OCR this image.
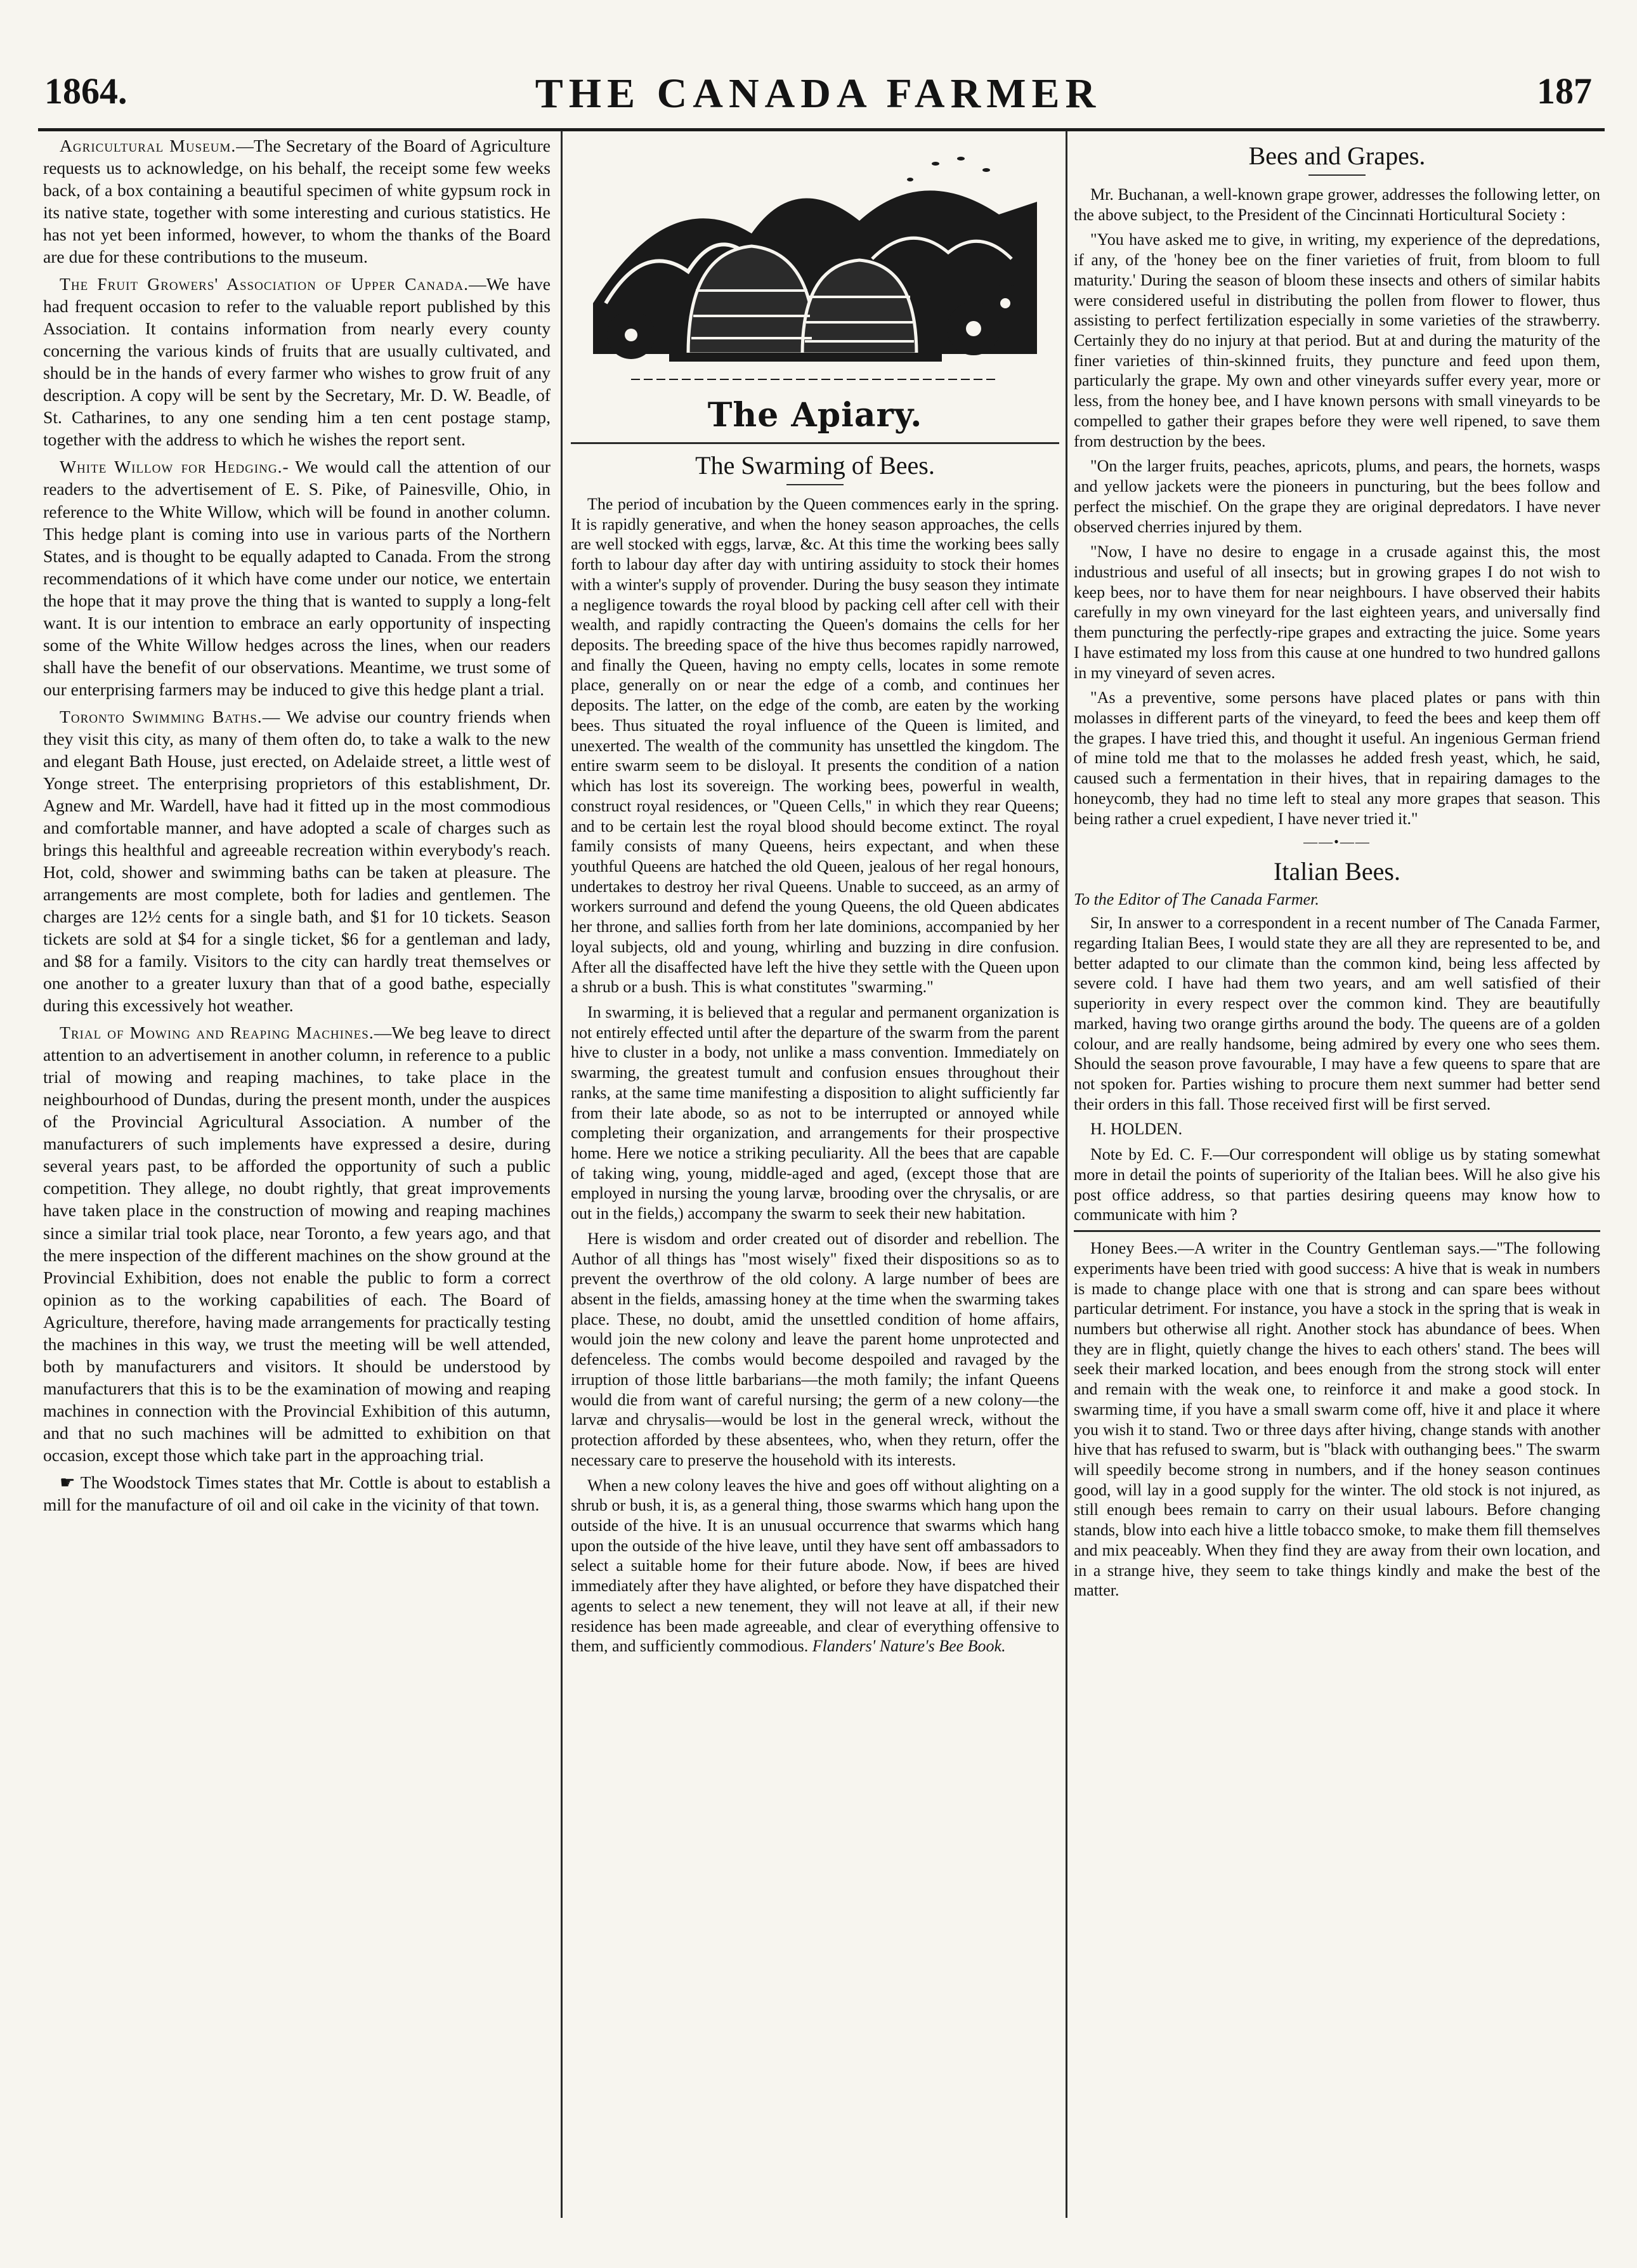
THE CANADA FARMER
1864.	187

Agricultural Museum.—The Secretary of the Board of Agriculture requests us to acknowledge, on his behalf, the receipt some few weeks back, of a box containing a beautiful specimen of white gypsum rock in its native state, together with some interesting and curious statistics. He has not yet been informed, however, to whom the thanks of the Board are due for these contributions to the museum.

The Fruit Growers' Association of Upper Canada.—We have had frequent occasion to refer to the valuable report published by this Association. It contains information from nearly every county concerning the various kinds of fruits that are usually cultivated, and should be in the hands of every farmer who wishes to grow fruit of any description. A copy will be sent by the Secretary, Mr. D. W. Beadle, of St. Catharines, to any one sending him a ten cent postage stamp, together with the address to which he wishes the report sent.

White Willow for Hedging.- We would call the attention of our readers to the advertisement of E. S. Pike, of Painesville, Ohio, in reference to the White Willow, which will be found in another column. This hedge plant is coming into use in various parts of the Northern States, and is thought to be equally adapted to Canada. From the strong recommendations of it which have come under our notice, we entertain the hope that it may prove the thing that is wanted to supply a long-felt want. It is our intention to embrace an early opportunity of inspecting some of the White Willow hedges across the lines, when our readers shall have the benefit of our observations. Meantime, we trust some of our enterprising farmers may be induced to give this hedge plant a trial.

Toronto Swimming Baths.— We advise our country friends when they visit this city, as many of them often do, to take a walk to the new and elegant Bath House, just erected, on Adelaide street, a little west of Yonge street. The enterprising proprietors of this establishment, Dr. Agnew and Mr. Wardell, have had it fitted up in the most commodious and comfortable manner, and have adopted a scale of charges such as brings this healthful and agreeable recreation within everybody's reach. Hot, cold, shower and swimming baths can be taken at pleasure. The arrangements are most complete, both for ladies and gentlemen. The charges are 12½ cents for a single bath, and $1 for 10 tickets. Season tickets are sold at $4 for a single ticket, $6 for a gentleman and lady, and $8 for a family. Visitors to the city can hardly treat themselves or one another to a greater luxury than that of a good bathe, especially during this excessively hot weather.

Trial of Mowing and Reaping Machines.—We beg leave to direct attention to an advertisement in another column, in reference to a public trial of mowing and reaping machines, to take place in the neighbourhood of Dundas, during the present month, under the auspices of the Provincial Agricultural Association. A number of the manufacturers of such implements have expressed a desire, during several years past, to be afforded the opportunity of such a public competition. They allege, no doubt rightly, that great improvements have taken place in the construction of mowing and reaping machines since a similar trial took place, near Toronto, a few years ago, and that the mere inspection of the different machines on the show ground at the Provincial Exhibition, does not enable the public to form a correct opinion as to the working capabilities of each. The Board of Agriculture, therefore, having made arrangements for practically testing the machines in this way, we trust the meeting will be well attended, both by manufacturers and visitors. It should be understood by manufacturers that this is to be the examination of mowing and reaping machines in connection with the Provincial Exhibition of this autumn, and that no such machines will be admitted to exhibition on that occasion, except those which take part in the approaching trial.

☛ The Woodstock Times states that Mr. Cottle is about to establish a mill for the manufacture of oil and oil cake in the vicinity of that town.

The Apiary.
The Swarming of Bees.

The period of incubation by the Queen commences early in the spring. It is rapidly generative, and when the honey season approaches, the cells are well stocked with eggs, larvæ, &c. At this time the working bees sally forth to labour day after day with untiring assiduity to stock their homes with a winter's supply of provender. During the busy season they intimate a negligence towards the royal blood by packing cell after cell with their wealth, and rapidly contracting the Queen's domains the cells for her deposits. The breeding space of the hive thus becomes rapidly narrowed, and finally the Queen, having no empty cells, locates in some remote place, generally on or near the edge of a comb, and continues her deposits. The latter, on the edge of the comb, are eaten by the working bees. Thus situated the royal influence of the Queen is limited, and unexerted. The wealth of the community has unsettled the kingdom. The entire swarm seem to be disloyal. It presents the condition of a nation which has lost its sovereign. The working bees, powerful in wealth, construct royal residences, or "Queen Cells," in which they rear Queens; and to be certain lest the royal blood should become extinct. The royal family consists of many Queens, heirs expectant, and when these youthful Queens are hatched the old Queen, jealous of her regal honours, undertakes to destroy her rival Queens. Unable to succeed, as an army of workers surround and defend the young Queens, the old Queen abdicates her throne, and sallies forth from her late dominions, accompanied by her loyal subjects, old and young, whirling and buzzing in dire confusion. After all the disaffected have left the hive they settle with the Queen upon a shrub or a bush. This is what constitutes "swarming."

In swarming, it is believed that a regular and permanent organization is not entirely effected until after the departure of the swarm from the parent hive to cluster in a body, not unlike a mass convention. Immediately on swarming, the greatest tumult and confusion ensues throughout their ranks, at the same time manifesting a disposition to alight sufficiently far from their late abode, so as not to be interrupted or annoyed while completing their organization, and arrangements for their prospective home. Here we notice a striking peculiarity. All the bees that are capable of taking wing, young, middle-aged and aged, (except those that are employed in nursing the young larvæ, brooding over the chrysalis, or are out in the fields,) accompany the swarm to seek their new habitation.

Here is wisdom and order created out of disorder and rebellion. The Author of all things has "most wisely" fixed their dispositions so as to prevent the overthrow of the old colony. A large number of bees are absent in the fields, amassing honey at the time when the swarming takes place. These, no doubt, amid the unsettled condition of home affairs, would join the new colony and leave the parent home unprotected and defenceless. The combs would become despoiled and ravaged by the irruption of those little barbarians—the moth family; the infant Queens would die from want of careful nursing; the germ of a new colony—the larvæ and chrysalis—would be lost in the general wreck, without the protection afforded by these absentees, who, when they return, offer the necessary care to preserve the household with its interests.

When a new colony leaves the hive and goes off without alighting on a shrub or bush, it is, as a general thing, those swarms which hang upon the outside of the hive. It is an unusual occurrence that swarms which hang upon the outside of the hive leave, until they have sent off ambassadors to select a suitable home for their future abode. Now, if bees are hived immediately after they have alighted, or before they have dispatched their agents to select a new tenement, they will not leave at all, if their new residence has been made agreeable, and clear of everything offensive to them, and sufficiently commodious. Flanders' Nature's Bee Book.

Bees and Grapes.

Mr. Buchanan, a well-known grape grower, addresses the following letter, on the above subject, to the President of the Cincinnati Horticultural Society :

"You have asked me to give, in writing, my experience of the depredations, if any, of the 'honey bee on the finer varieties of fruit, from bloom to full maturity.' During the season of bloom these insects and others of similar habits were considered useful in distributing the pollen from flower to flower, thus assisting to perfect fertilization especially in some varieties of the strawberry. Certainly they do no injury at that period. But at and during the maturity of the finer varieties of thin-skinned fruits, they puncture and feed upon them, particularly the grape. My own and other vineyards suffer every year, more or less, from the honey bee, and I have known persons with small vineyards to be compelled to gather their grapes before they were well ripened, to save them from destruction by the bees.

"On the larger fruits, peaches, apricots, plums, and pears, the hornets, wasps and yellow jackets were the pioneers in puncturing, but the bees follow and perfect the mischief. On the grape they are original depredators. I have never observed cherries injured by them.

"Now, I have no desire to engage in a crusade against this, the most industrious and useful of all insects; but in growing grapes I do not wish to keep bees, nor to have them for near neighbours. I have observed their habits carefully in my own vineyard for the last eighteen years, and universally find them puncturing the perfectly-ripe grapes and extracting the juice. Some years I have estimated my loss from this cause at one hundred to two hundred gallons in my vineyard of seven acres.

"As a preventive, some persons have placed plates or pans with thin molasses in different parts of the vineyard, to feed the bees and keep them off the grapes. I have tried this, and thought it useful. An ingenious German friend of mine told me that to the molasses he added fresh yeast, which, he said, caused such a fermentation in their hives, that in repairing damages to the honeycomb, they had no time left to steal any more grapes that season. This being rather a cruel expedient, I have never tried it."

——•——
Italian Bees.
To the Editor of The Canada Farmer.

Sir, In answer to a correspondent in a recent number of The Canada Farmer, regarding Italian Bees, I would state they are all they are represented to be, and better adapted to our climate than the common kind, being less affected by severe cold. I have had them two years, and am well satisfied of their superiority in every respect over the common kind. They are beautifully marked, having two orange girths around the body. The queens are of a golden colour, and are really handsome, being admired by every one who sees them. Should the season prove favourable, I may have a few queens to spare that are not spoken for. Parties wishing to procure them next summer had better send their orders in this fall. Those received first will be first served.

H. HOLDEN.

Note by Ed. C. F.—Our correspondent will oblige us by stating somewhat more in detail the points of superiority of the Italian bees. Will he also give his post office address, so that parties desiring queens may know how to communicate with him ?

Honey Bees.—A writer in the Country Gentleman says.—"The following experiments have been tried with good success: A hive that is weak in numbers is made to change place with one that is strong and can spare bees without particular detriment. For instance, you have a stock in the spring that is weak in numbers but otherwise all right. Another stock has abundance of bees. When they are in flight, quietly change the hives to each others' stand. The bees will seek their marked location, and bees enough from the strong stock will enter and remain with the weak one, to reinforce it and make a good stock. In swarming time, if you have a small swarm come off, hive it and place it where you wish it to stand. Two or three days after hiving, change stands with another hive that has refused to swarm, but is "black with outhanging bees." The swarm will speedily become strong in numbers, and if the honey season continues good, will lay in a good supply for the winter. The old stock is not injured, as still enough bees remain to carry on their usual labours. Before changing stands, blow into each hive a little tobacco smoke, to make them fill themselves and mix peaceably. When they find they are away from their own location, and in a strange hive, they seem to take things kindly and make the best of the matter.
